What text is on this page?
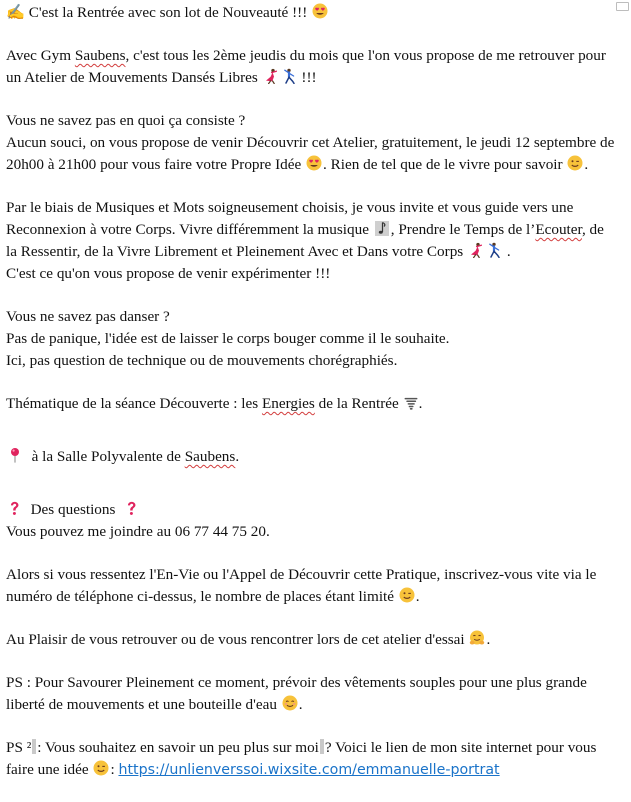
✍ C'est la Rentrée avec son lot de Nouveauté !!!

Avec Gym Saubens, c'est tous les 2ème jeudis du mois que l'on vous propose de me retrouver pour un Atelier de Mouvements Dansés Libres	!!!

Vous ne savez pas en quoi ça consiste ?

Aucun souci, on vous propose de venir Découvrir cet Atelier, gratuitement, le jeudi 12 septembre de 20h00 à 21h00 pour vous faire votre Propre Idée . Rien de tel que de le vivre pour savoir .

Par le biais de Musiques et Mots soigneusement choisis, je vous invite et vous guide vers une Reconnexion à votre Corps. Vivre différemment la musique , Prendre le Temps de l’Ecouter, de la Ressentir, de la Vivre Librement et Pleinement Avec et Dans votre Corps	.

C'est ce qu'on vous propose de venir expérimenter !!!

Vous ne savez pas danser ?

Pas de panique, l'idée est de laisser le corps bouger comme il le souhaite.

Ici, pas question de technique ou de mouvements chorégraphiés.

Thématique de la séance Découverte : les Energies de la Rentrée .

à la Salle Polyvalente de Saubens.

Des questions

Vous pouvez me joindre au 06 77 44 75 20.

Alors si vous ressentez l'En-Vie ou l'Appel de Découvrir cette Pratique, inscrivez-vous vite via le numéro de téléphone ci-dessus, le nombre de places étant limité .

Au Plaisir de vous retrouver ou de vous rencontrer lors de cet atelier d'essai .

PS : Pour Savourer Pleinement ce moment, prévoir des vêtements souples pour une plus grande liberté de mouvements et une bouteille d'eau .

PS ² : Vous souhaitez en savoir un peu plus sur moi ? Voici le lien de mon site internet pour vous faire une idée : https://unlienverssoi.wixsite.com/emmanuelle-portrat
